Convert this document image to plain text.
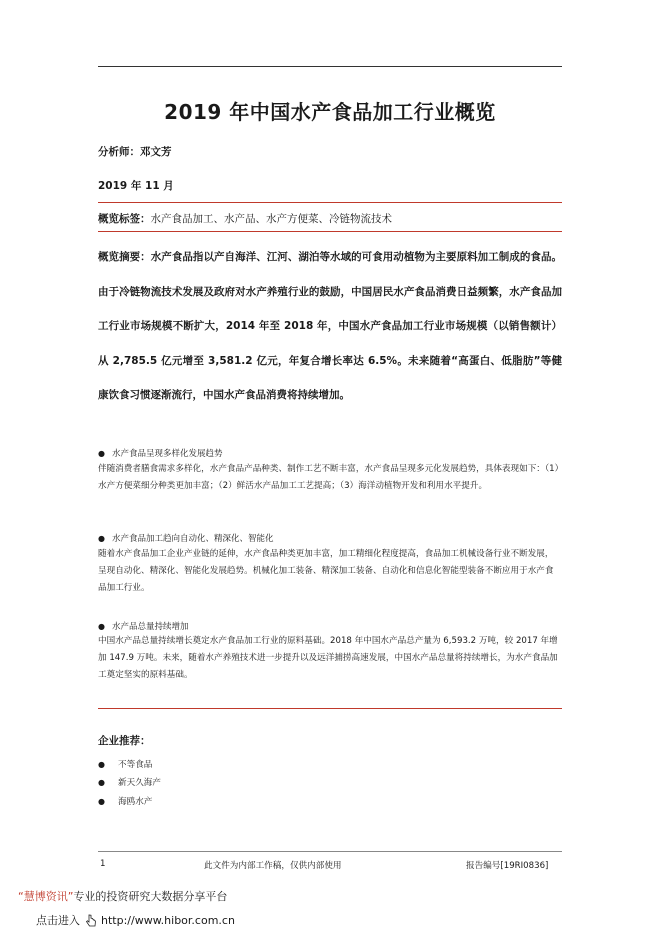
2019 年中国水产食品加工行业概览
分析师：邓文芳
2019 年 11 月
概览标签：水产食品加工、水产品、水产方便菜、冷链物流技术
概览摘要：水产食品指以产自海洋、江河、湖泊等水域的可食用动植物为主要原料加工制成的食品。由于冷链物流技术发展及政府对水产养殖行业的鼓励，中国居民水产食品消费日益频繁，水产食品加工行业市场规模不断扩大，2014 年至 2018 年，中国水产食品加工行业市场规模（以销售额计）从 2,785.5 亿元增至 3,581.2 亿元，年复合增长率达 6.5%。未来随着“高蛋白、低脂肪”等健康饮食习惯逐渐流行，中国水产食品消费将持续增加。
● 水产食品呈现多样化发展趋势
伴随消费者膳食需求多样化，水产食品产品种类、制作工艺不断丰富，水产食品呈现多元化发展趋势，具体表现如下：（1）水产方便菜细分种类更加丰富；（2）鲜活水产品加工工艺提高；（3）海洋动植物开发和利用水平提升。
● 水产食品加工趋向自动化、精深化、智能化
随着水产食品加工企业产业链的延伸，水产食品种类更加丰富，加工精细化程度提高，食品加工机械设备行业不断发展，呈现自动化、精深化、智能化发展趋势。机械化加工装备、精深加工装备、自动化和信息化智能型装备不断应用于水产食品加工行业。
● 水产品总量持续增加
中国水产品总量持续增长奠定水产食品加工行业的原料基础。2018 年中国水产品总产量为 6,593.2 万吨，较 2017 年增加 147.9 万吨。未来，随着水产养殖技术进一步提升以及远洋捕捞高速发展，中国水产品总量将持续增长，为水产食品加工奠定坚实的原料基础。
企业推荐：
● 不等食品
● 新天久海产
● 海鸥水产
1	此文件为内部工作稿，仅供内部使用	报告编号[19RI0836]
“慧博资讯”专业的投资研究大数据分享平台
点击进入 http://www.hibor.com.cn
